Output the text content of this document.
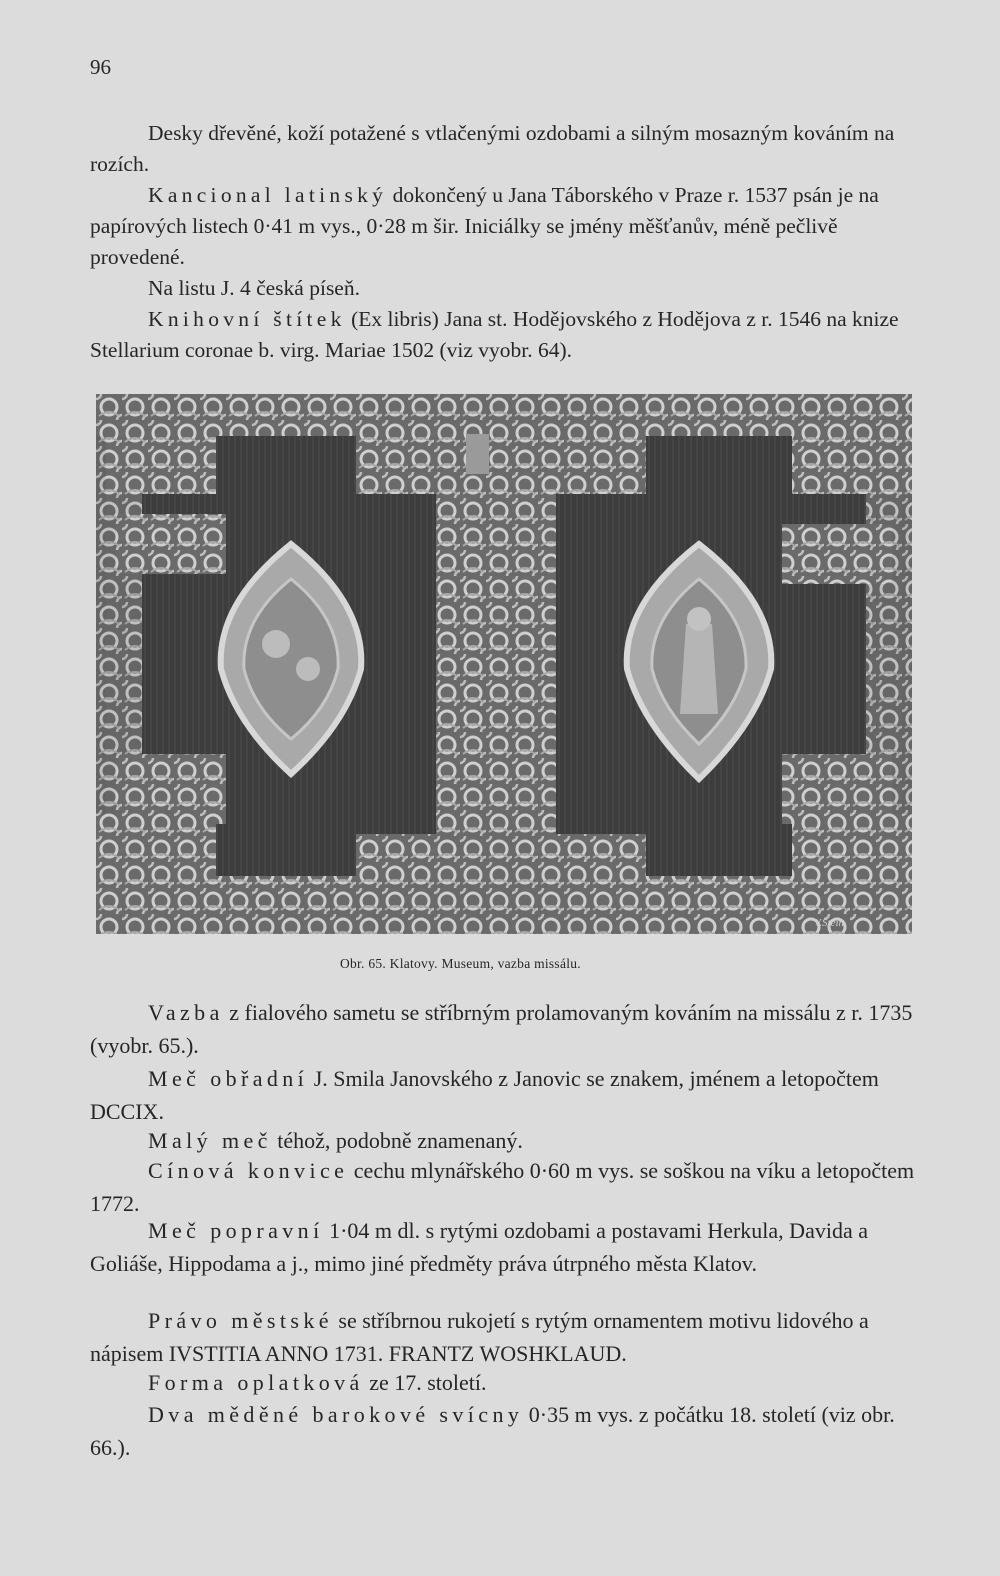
96

Desky dřevěné, koží potažené s vtlačenými ozdobami a silným mosazným kováním na rozích.

Kancional latinský dokončený u Jana Táborského v Praze r. 1537 psán je na papírových listech 0·41 m vys., 0·28 m šir. Iniciálky se jmény měšťanův, méně pečlivě provedené.

Na listu J. 4 česká píseň.

Knihovní štítek (Ex libris) Jana st. Hodějovského z Hodějova z r. 1546 na knize Stellarium coronae b. virg. Mariae 1502 (viz vyobr. 64).

V.Stein
Obr. 65. Klatovy. Museum, vazba missálu.

Vazba z fialového sametu se stříbrným prolamovaným kováním na missálu z r. 1735 (vyobr. 65.).

Meč obřadní J. Smila Janovského z Janovic se znakem, jménem a letopočtem DCCIX.

Malý meč téhož, podobně znamenaný.

Cínová konvice cechu mlynářského 0·60 m vys. se soškou na víku a letopočtem 1772.

Meč popravní 1·04 m dl. s rytými ozdobami a postavami Herkula, Davida a Goliáše, Hippodama a j., mimo jiné předměty práva útrpného města Klatov.

Právo městské se stříbrnou rukojetí s rytým ornamentem motivu lidového a nápisem IVSTITIA ANNO 1731. FRANTZ WOSHKLAUD.

Forma oplatková ze 17. století.

Dva měděné barokové svícny 0·35 m vys. z počátku 18. století (viz obr. 66.).
